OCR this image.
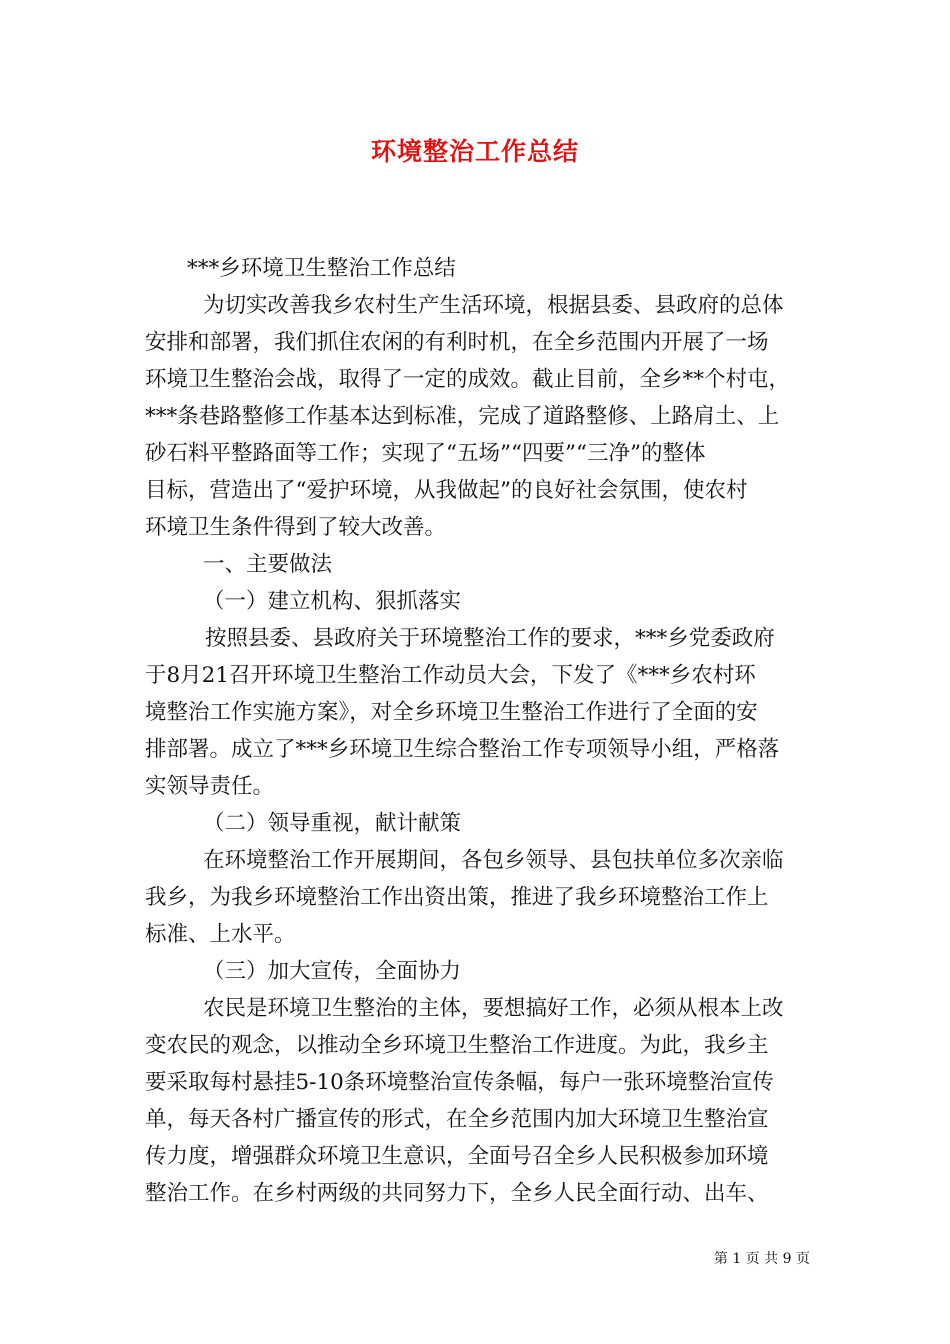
环境整治工作总结
***乡环境卫生整治工作总结
为切实改善我乡农村生产生活环境，根据县委、县政府的总体
安排和部署，我们抓住农闲的有利时机，在全乡范围内开展了一场
环境卫生整治会战，取得了一定的成效。截止目前，全乡**个村屯，
***条巷路整修工作基本达到标准，完成了道路整修、上路肩土、上
砂石料平整路面等工作；实现了“五场”“四要”“三净”的整体
目标，营造出了“爱护环境，从我做起”的良好社会氛围，使农村
环境卫生条件得到了较大改善。
一、主要做法
（一）建立机构、狠抓落实
按照县委、县政府关于环境整治工作的要求，***乡党委政府
于8月21召开环境卫生整治工作动员大会，下发了《***乡农村环
境整治工作实施方案》，对全乡环境卫生整治工作进行了全面的安
排部署。成立了***乡环境卫生综合整治工作专项领导小组，严格落
实领导责任。
（二）领导重视，献计献策
在环境整治工作开展期间，各包乡领导、县包扶单位多次亲临
我乡，为我乡环境整治工作出资出策，推进了我乡环境整治工作上
标准、上水平。
（三）加大宣传，全面协力
农民是环境卫生整治的主体，要想搞好工作，必须从根本上改
变农民的观念，以推动全乡环境卫生整治工作进度。为此，我乡主
要采取每村悬挂5-10条环境整治宣传条幅，每户一张环境整治宣传
单，每天各村广播宣传的形式，在全乡范围内加大环境卫生整治宣
传力度，增强群众环境卫生意识，全面号召全乡人民积极参加环境
整治工作。在乡村两级的共同努力下，全乡人民全面行动、出车、
第 1 页 共 9 页
